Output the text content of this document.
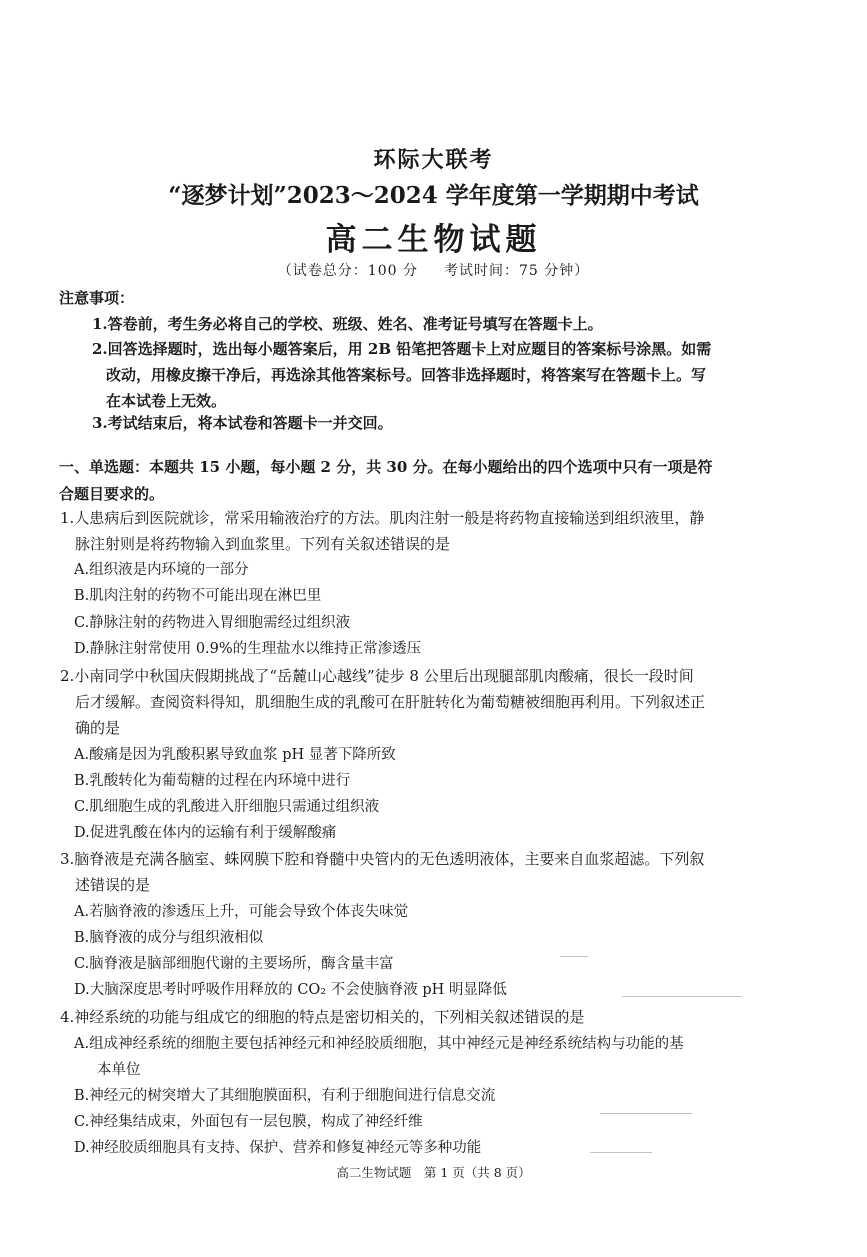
环际大联考
“逐梦计划”2023～2024 学年度第一学期期中考试
高二生物试题
（试卷总分：100 分 考试时间：75 分钟）
注意事项：
1.答卷前，考生务必将自己的学校、班级、姓名、准考证号填写在答题卡上。
2.回答选择题时，选出每小题答案后，用 2B 铅笔把答题卡上对应题目的答案标号涂黑。如需
改动，用橡皮擦干净后，再选涂其他答案标号。回答非选择题时，将答案写在答题卡上。写
在本试卷上无效。
3.考试结束后，将本试卷和答题卡一并交回。
一、单选题：本题共 15 小题，每小题 2 分，共 30 分。在每小题给出的四个选项中只有一项是符
合题目要求的。
1.人患病后到医院就诊，常采用输液治疗的方法。肌肉注射一般是将药物直接输送到组织液里，静
脉注射则是将药物输入到血浆里。下列有关叙述错误的是
A.组织液是内环境的一部分
B.肌肉注射的药物不可能出现在淋巴里
C.静脉注射的药物进入胃细胞需经过组织液
D.静脉注射常使用 0.9%的生理盐水以维持正常渗透压
2.小南同学中秋国庆假期挑战了“岳麓山心越线”徒步 8 公里后出现腿部肌肉酸痛，很长一段时间
后才缓解。查阅资料得知，肌细胞生成的乳酸可在肝脏转化为葡萄糖被细胞再利用。下列叙述正
确的是
A.酸痛是因为乳酸积累导致血浆 pH 显著下降所致
B.乳酸转化为葡萄糖的过程在内环境中进行
C.肌细胞生成的乳酸进入肝细胞只需通过组织液
D.促进乳酸在体内的运输有利于缓解酸痛
3.脑脊液是充满各脑室、蛛网膜下腔和脊髓中央管内的无色透明液体，主要来自血浆超滤。下列叙
述错误的是
A.若脑脊液的渗透压上升，可能会导致个体丧失味觉
B.脑脊液的成分与组织液相似
C.脑脊液是脑部细胞代谢的主要场所，酶含量丰富
D.大脑深度思考时呼吸作用释放的 CO₂ 不会使脑脊液 pH 明显降低
4.神经系统的功能与组成它的细胞的特点是密切相关的，下列相关叙述错误的是
A.组成神经系统的细胞主要包括神经元和神经胶质细胞，其中神经元是神经系统结构与功能的基
本单位
B.神经元的树突增大了其细胞膜面积，有利于细胞间进行信息交流
C.神经集结成束，外面包有一层包膜，构成了神经纤维
D.神经胶质细胞具有支持、保护、营养和修复神经元等多种功能
高二生物试题　第 1 页（共 8 页）
